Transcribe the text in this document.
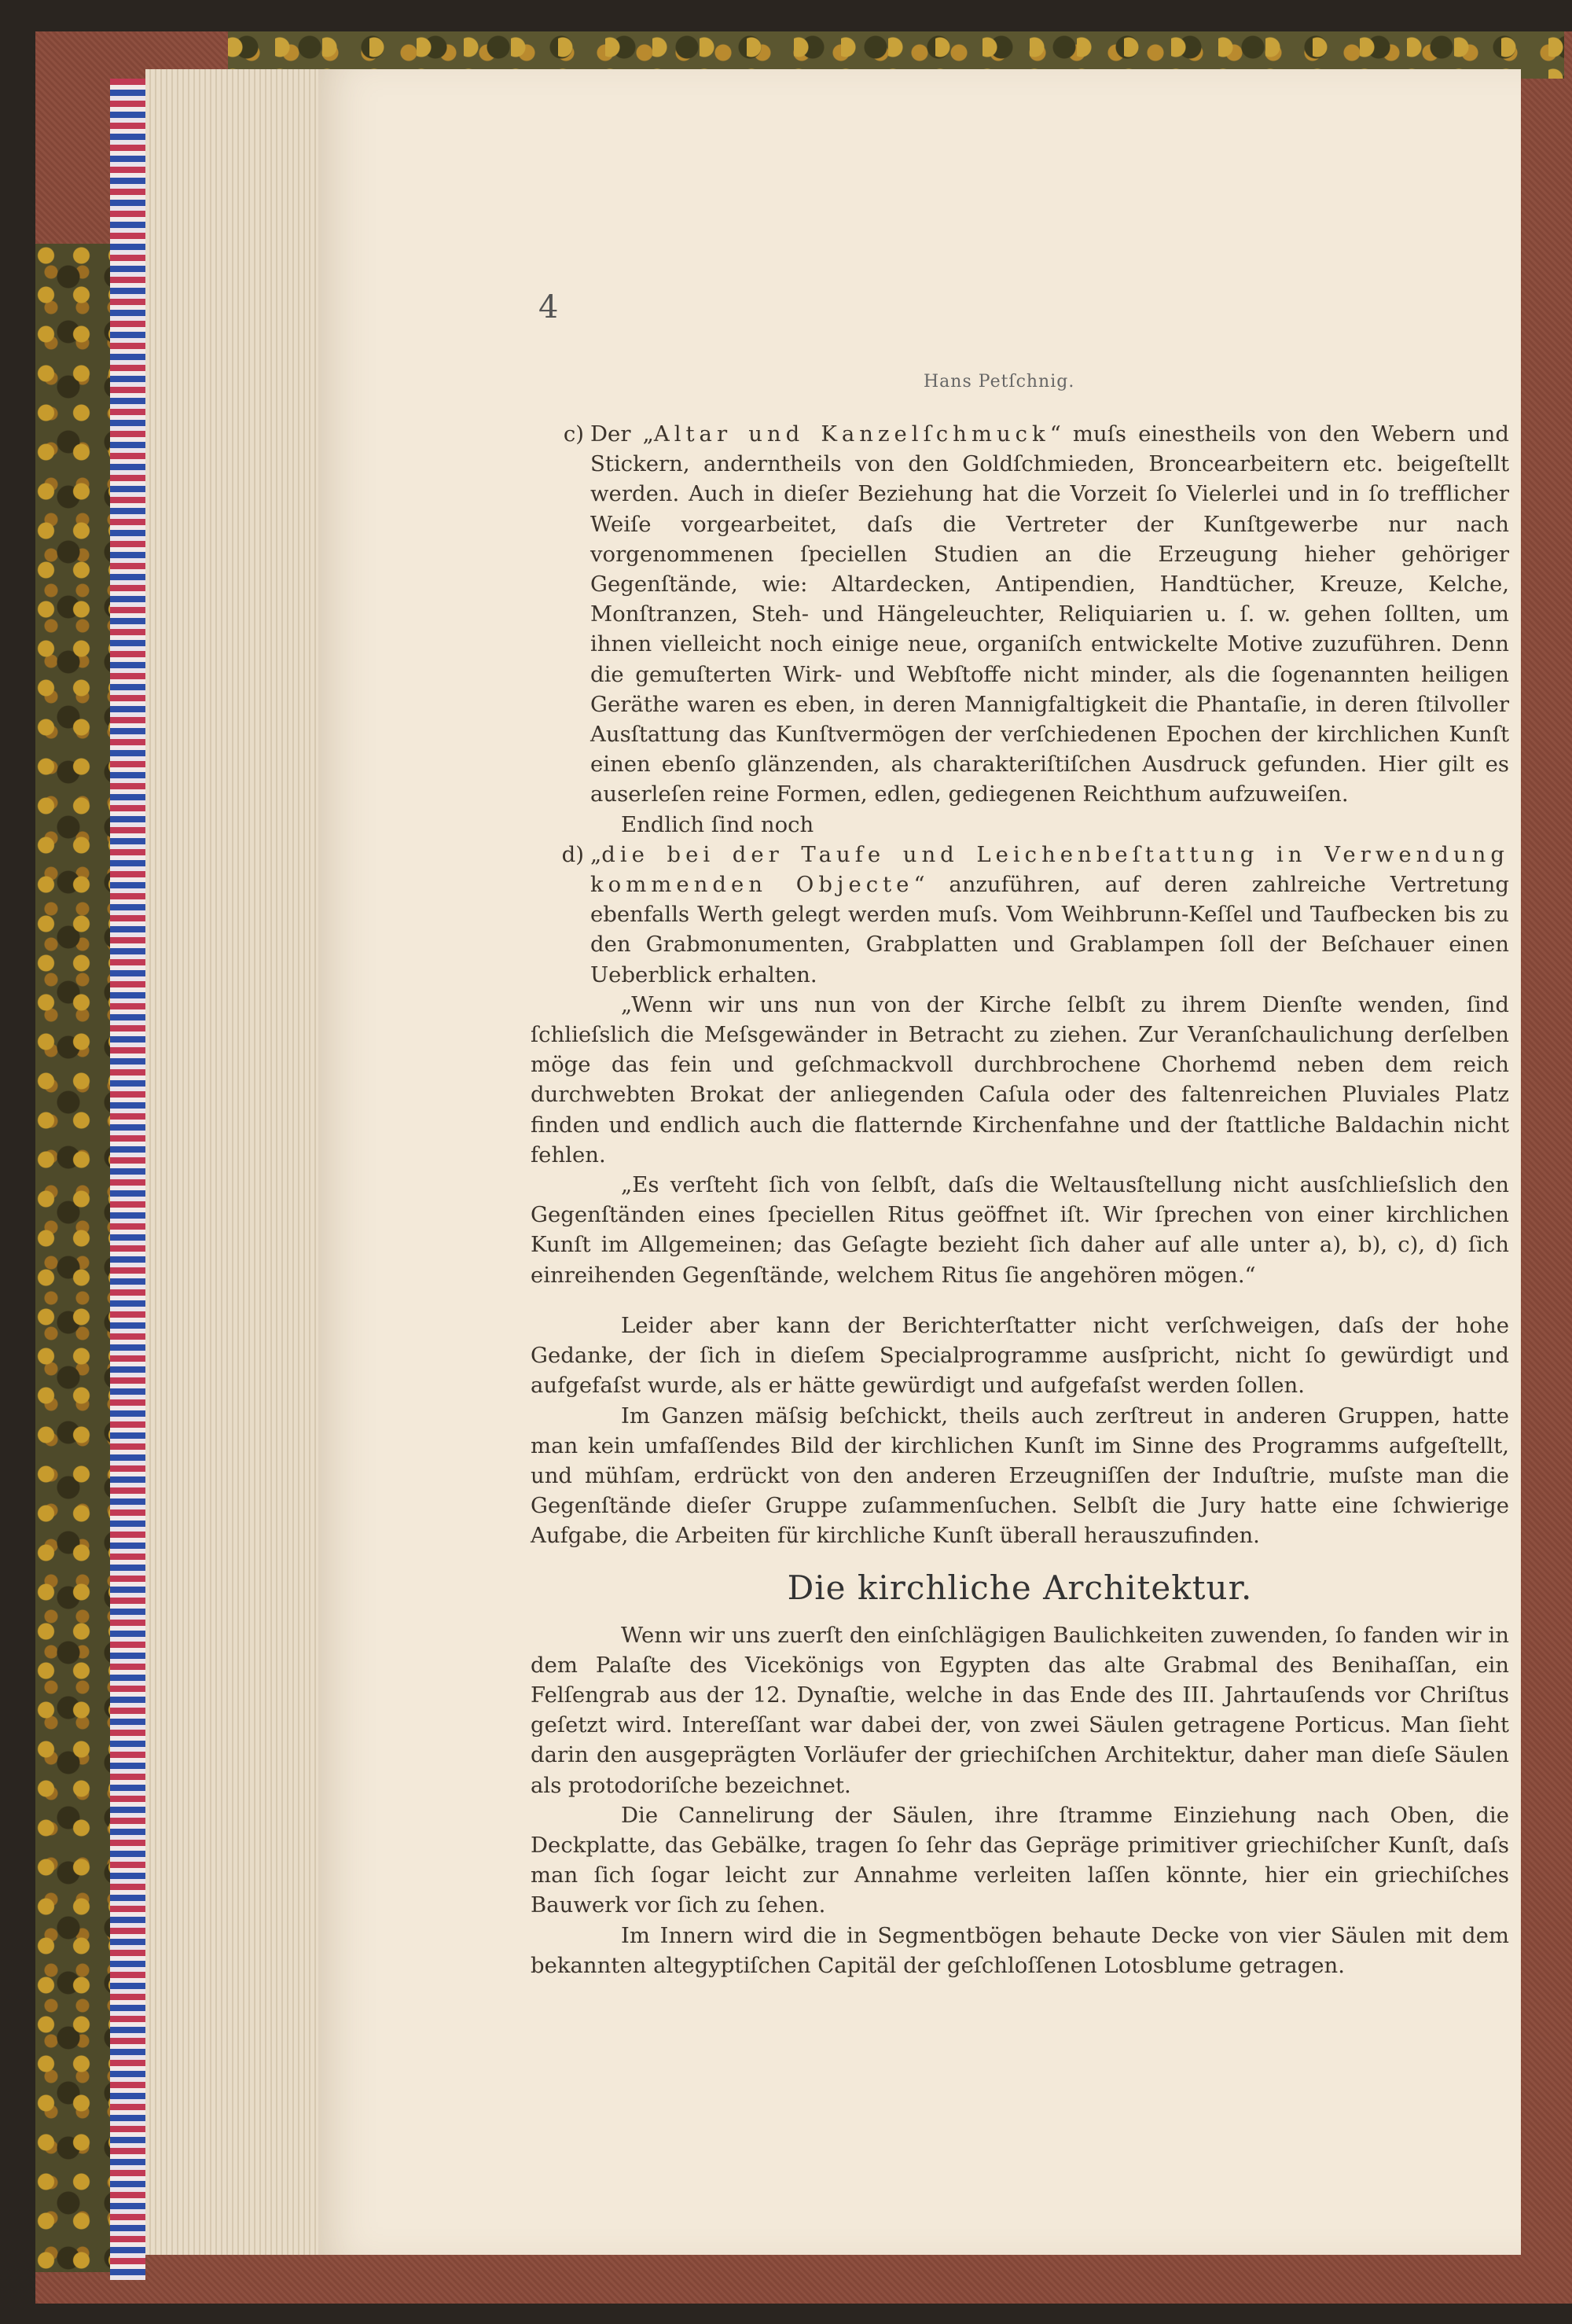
4
Hans Petſchnig.
c) Der „Altar und Kanzelſchmuck“ muſs einestheils von den Webern und Stickern, anderntheils von den Goldſchmieden, Broncearbeitern etc. beigeſtellt werden. Auch in dieſer Beziehung hat die Vorzeit ſo Vielerlei und in ſo trefflicher Weiſe vorgearbeitet, daſs die Vertreter der Kunſtgewerbe nur nach vorgenommenen ſpeciellen Studien an die Erzeugung hieher gehöriger Gegenſtände, wie: Altardecken, Antipendien, Handtücher, Kreuze, Kelche, Monſtranzen, Steh- und Hängeleuchter, Reliquiarien u. ſ. w. gehen ſollten, um ihnen vielleicht noch einige neue, organiſch entwickelte Motive zuzuführen. Denn die gemuſterten Wirk- und Webſtoffe nicht minder, als die ſogenannten heiligen Geräthe waren es eben, in deren Mannigfaltigkeit die Phantaſie, in deren ſtilvoller Ausſtattung das Kunſtvermögen der verſchiedenen Epochen der kirchlichen Kunſt einen ebenſo glänzenden, als charakteriſtiſchen Ausdruck gefunden. Hier gilt es auserleſen reine Formen, edlen, gediegenen Reichthum aufzuweiſen.

Endlich ſind noch

d) „die bei der Taufe und Leichenbeſtattung in Verwendung kommenden Objecte“ anzuführen, auf deren zahlreiche Vertretung ebenfalls Werth gelegt werden muſs. Vom Weihbrunn-Keſſel und Taufbecken bis zu den Grabmonumenten, Grabplatten und Grablampen ſoll der Beſchauer einen Ueberblick erhalten.

„Wenn wir uns nun von der Kirche ſelbſt zu ihrem Dienſte wenden, ſind ſchlieſslich die Meſsgewänder in Betracht zu ziehen. Zur Veranſchaulichung derſelben möge das fein und geſchmackvoll durchbrochene Chorhemd neben dem reich durchwebten Brokat der anliegenden Caſula oder des faltenreichen Pluviales Platz finden und endlich auch die flatternde Kirchenfahne und der ſtattliche Baldachin nicht fehlen.

„Es verſteht ſich von ſelbſt, daſs die Weltausſtellung nicht ausſchlieſslich den Gegenſtänden eines ſpeciellen Ritus geöffnet iſt. Wir ſprechen von einer kirchlichen Kunſt im Allgemeinen; das Geſagte bezieht ſich daher auf alle unter a), b), c), d) ſich einreihenden Gegenſtände, welchem Ritus ſie angehören mögen.“

Leider aber kann der Berichterſtatter nicht verſchweigen, daſs der hohe Gedanke, der ſich in dieſem Specialprogramme ausſpricht, nicht ſo gewürdigt und aufgefaſst wurde, als er hätte gewürdigt und aufgefaſst werden ſollen.

Im Ganzen mäſsig beſchickt, theils auch zerſtreut in anderen Gruppen, hatte man kein umfaſſendes Bild der kirchlichen Kunſt im Sinne des Programms aufgeſtellt, und mühſam, erdrückt von den anderen Erzeugniſſen der Induſtrie, muſste man die Gegenſtände dieſer Gruppe zuſammenſuchen. Selbſt die Jury hatte eine ſchwierige Aufgabe, die Arbeiten für kirchliche Kunſt überall herauszufinden.

Die kirchliche Architektur.

Wenn wir uns zuerſt den einſchlägigen Baulichkeiten zuwenden, ſo fanden wir in dem Palaſte des Vicekönigs von Egypten das alte Grabmal des Benihaſſan, ein Felſengrab aus der 12. Dynaſtie, welche in das Ende des III. Jahrtauſends vor Chriſtus geſetzt wird. Intereſſant war dabei der, von zwei Säulen getragene Porticus. Man ſieht darin den ausgeprägten Vorläufer der griechiſchen Architektur, daher man dieſe Säulen als protodoriſche bezeichnet.

Die Cannelirung der Säulen, ihre ſtramme Einziehung nach Oben, die Deckplatte, das Gebälke, tragen ſo ſehr das Gepräge primitiver griechiſcher Kunſt, daſs man ſich ſogar leicht zur Annahme verleiten laſſen könnte, hier ein griechiſches Bauwerk vor ſich zu ſehen.

Im Innern wird die in Segmentbögen behaute Decke von vier Säulen mit dem bekannten altegyptiſchen Capitäl der geſchloſſenen Lotosblume getragen.
